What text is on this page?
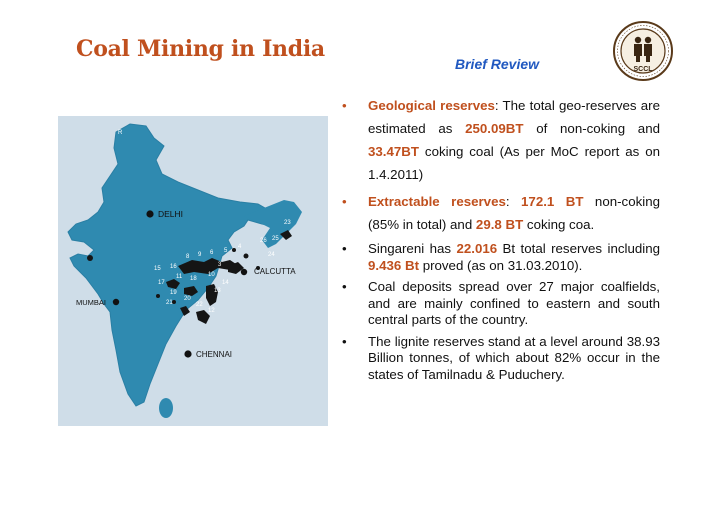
Coal Mining in India
Brief Review	SCCL
15 16
8 9 6 5
4
17
11 18
10
19
20
21	22
13
14
12
26 25
23
24
3
R
DELHI
CALCUTTA
MUMBAI
CHENNAI
• Geological reserves: The total geo-reserves are estimated as 250.09BT of non-coking and 33.47BT coking coal (As per MoC report as on 1.4.2011)
• Extractable reserves: 172.1 BT non-coking (85% in total) and 29.8 BT coking coa.
• Singareni has 22.016 Bt total reserves including 9.436 Bt proved (as on 31.03.2010).
• Coal deposits spread over 27 major coalfields, and are mainly confined to eastern and south central parts of the country.
• The lignite reserves stand at a level around 38.93 Billion tonnes, of which about 82% occur in the states of Tamilnadu & Puduchery.
